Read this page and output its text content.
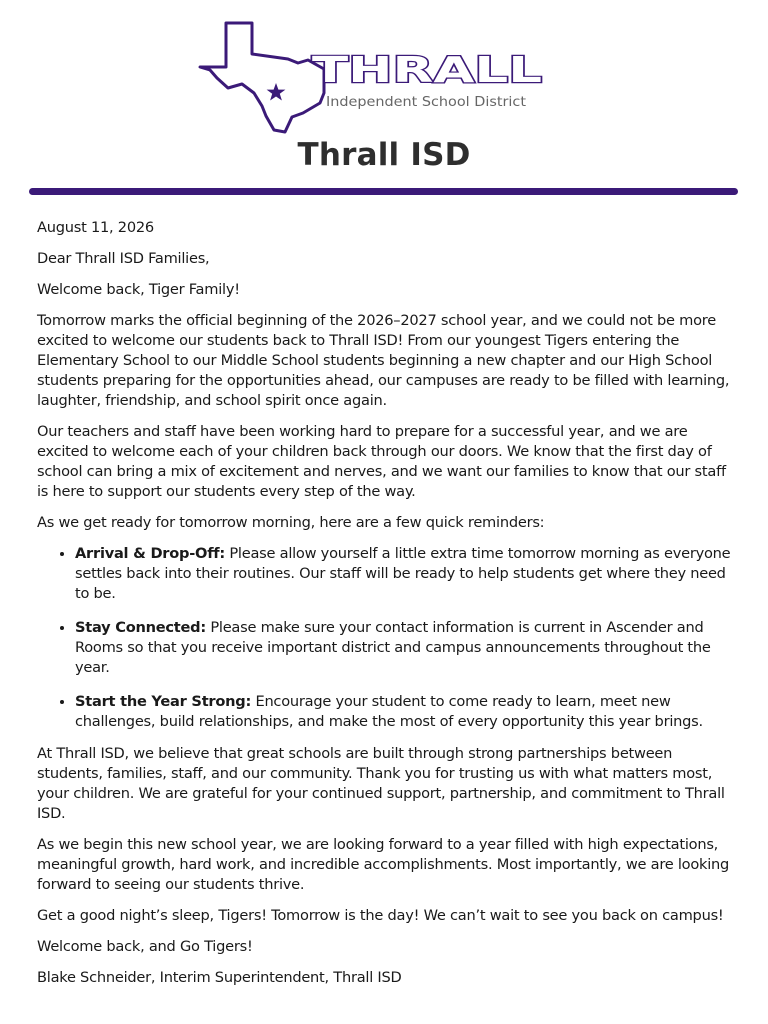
THRALL
Independent School District
Thrall ISD

August 11, 2026

Dear Thrall ISD Families,

Welcome back, Tiger Family!

Tomorrow marks the official beginning of the 2026–2027 school year, and we could not be more excited to welcome our students back to Thrall ISD! From our youngest Tigers entering the Elementary School to our Middle School students beginning a new chapter and our High School students preparing for the opportunities ahead, our campuses are ready to be filled with learning, laughter, friendship, and school spirit once again.

Our teachers and staff have been working hard to prepare for a successful year, and we are excited to welcome each of your children back through our doors. We know that the first day of school can bring a mix of excitement and nerves, and we want our families to know that our staff is here to support our students every step of the way.

As we get ready for tomorrow morning, here are a few quick reminders:

• Arrival & Drop-Off: Please allow yourself a little extra time tomorrow morning as everyone settles back into their routines. Our staff will be ready to help students get where they need to be.
• Stay Connected: Please make sure your contact information is current in Ascender and Rooms so that you receive important district and campus announcements throughout the year.
• Start the Year Strong: Encourage your student to come ready to learn, meet new challenges, build relationships, and make the most of every opportunity this year brings.

At Thrall ISD, we believe that great schools are built through strong partnerships between students, families, staff, and our community. Thank you for trusting us with what matters most, your children. We are grateful for your continued support, partnership, and commitment to Thrall ISD.

As we begin this new school year, we are looking forward to a year filled with high expectations, meaningful growth, hard work, and incredible accomplishments. Most importantly, we are looking forward to seeing our students thrive.

Get a good night’s sleep, Tigers! Tomorrow is the day! We can’t wait to see you back on campus!

Welcome back, and Go Tigers!

Blake Schneider, Interim Superintendent, Thrall ISD
